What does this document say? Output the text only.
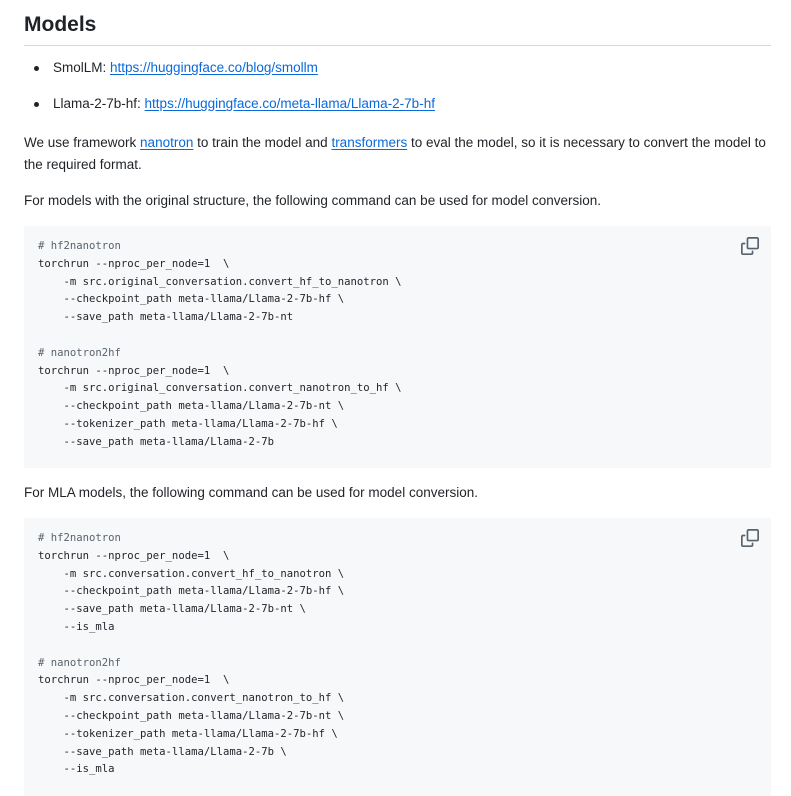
Models
SmolLM: https://huggingface.co/blog/smollm
Llama-2-7b-hf: https://huggingface.co/meta-llama/Llama-2-7b-hf

We use framework nanotron to train the model and transformers to eval the model, so it is necessary to convert the model to the required format.

For models with the original structure, the following command can be used for model conversion.

# hf2nanotron
torchrun --nproc_per_node=1  \
-m src.original_conversation.convert_hf_to_nanotron \
--checkpoint_path meta-llama/Llama-2-7b-hf \
--save_path meta-llama/Llama-2-7b-nt
# nanotron2hf
torchrun --nproc_per_node=1  \
-m src.original_conversation.convert_nanotron_to_hf \
--checkpoint_path meta-llama/Llama-2-7b-nt \
--tokenizer_path meta-llama/Llama-2-7b-hf \
--save_path meta-llama/Llama-2-7b

For MLA models, the following command can be used for model conversion.

# hf2nanotron
torchrun --nproc_per_node=1  \
-m src.conversation.convert_hf_to_nanotron \
--checkpoint_path meta-llama/Llama-2-7b-hf \
--save_path meta-llama/Llama-2-7b-nt \
--is_mla
# nanotron2hf
torchrun --nproc_per_node=1  \
-m src.conversation.convert_nanotron_to_hf \
--checkpoint_path meta-llama/Llama-2-7b-nt \
--tokenizer_path meta-llama/Llama-2-7b-hf \
--save_path meta-llama/Llama-2-7b \
--is_mla
